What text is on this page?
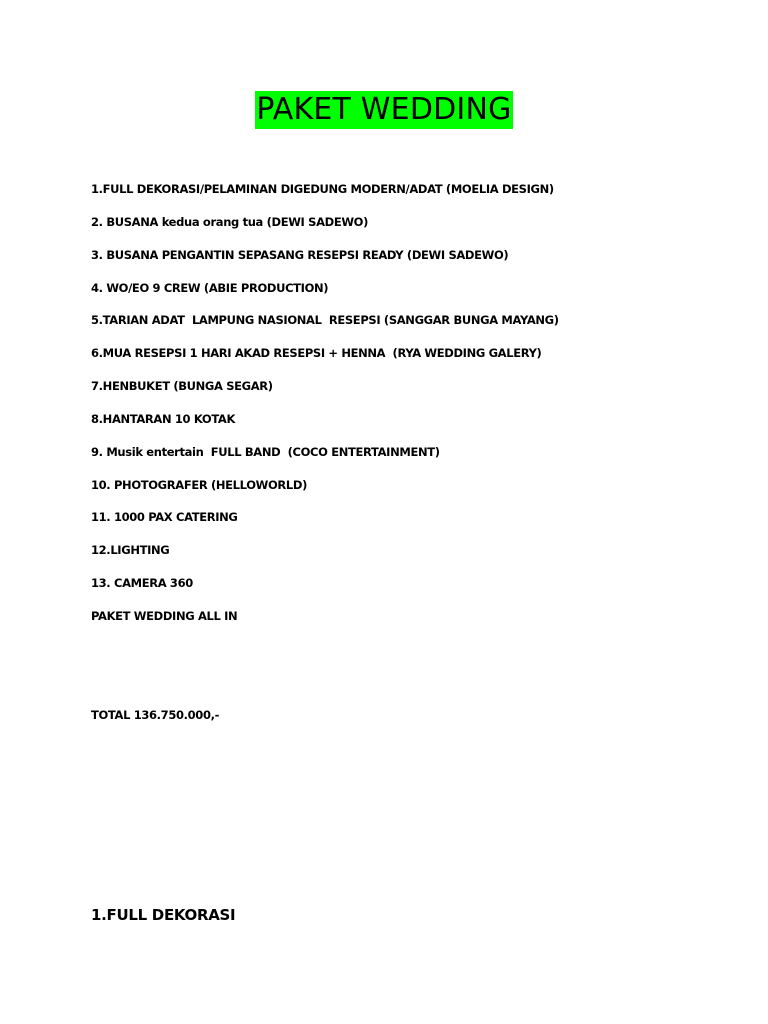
PAKET WEDDING
1.FULL DEKORASI/PELAMINAN DIGEDUNG MODERN/ADAT (MOELIA DESIGN)
2. BUSANA kedua orang tua (DEWI SADEWO)
3. BUSANA PENGANTIN SEPASANG RESEPSI READY (DEWI SADEWO)
4. WO/EO 9 CREW (ABIE PRODUCTION)
5.TARIAN ADAT  LAMPUNG NASIONAL  RESEPSI (SANGGAR BUNGA MAYANG)
6.MUA RESEPSI 1 HARI AKAD RESEPSI + HENNA  (RYA WEDDING GALERY)
7.HENBUKET (BUNGA SEGAR)
8.HANTARAN 10 KOTAK
9. Musik entertain  FULL BAND  (COCO ENTERTAINMENT)
10. PHOTOGRAFER (HELLOWORLD)
11. 1000 PAX CATERING
12.LIGHTING
13. CAMERA 360
PAKET WEDDING ALL IN
TOTAL 136.750.000,-
1.FULL DEKORASI
